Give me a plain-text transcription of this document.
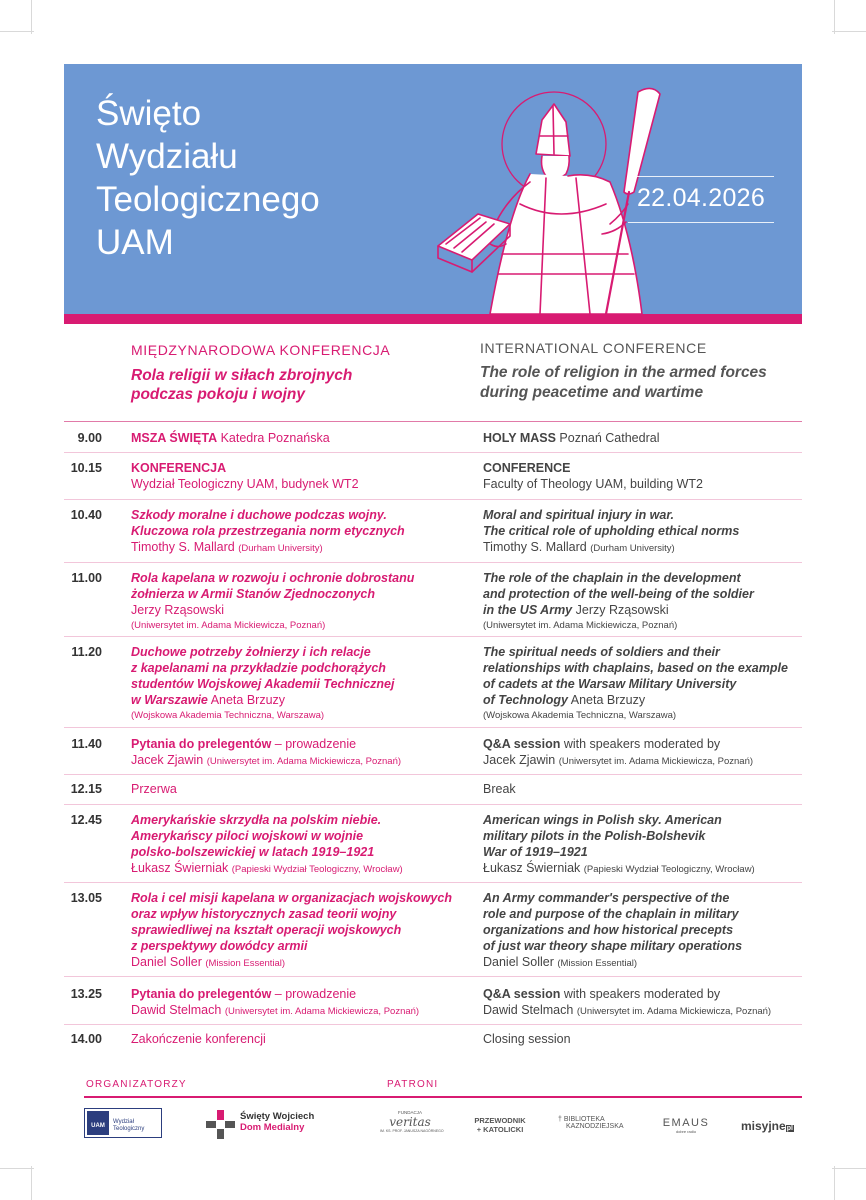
Święto
Wydziału
Teologicznego
UAM
22.04.2026
MIĘDZYNARODOWA KONFERENCJA
Rola religii w siłach zbrojnych
podczas pokoju i wojny
INTERNATIONAL CONFERENCE
The role of religion in the armed forces
during peacetime and wartime
9.00 MSZA ŚWIĘTA Katedra Poznańska	HOLY MASS Poznań Cathedral
10.15 KONFERENCJA
Wydział Teologiczny UAM, budynek WT2
CONFERENCE
Faculty of Theology UAM, building WT2
10.40 Szkody moralne i duchowe podczas wojny.
Kluczowa rola przestrzegania norm etycznych
Timothy S. Mallard (Durham University)
Moral and spiritual injury in war.
The critical role of upholding ethical norms
Timothy S. Mallard (Durham University)
11.00 Rola kapelana w rozwoju i ochronie dobrostanu
żołnierza w Armii Stanów Zjednoczonych
Jerzy Rząsowski
(Uniwersytet im. Adama Mickiewicza, Poznań)
The role of the chaplain in the development
and protection of the well-being of the soldier
in the US Army Jerzy Rząsowski
(Uniwersytet im. Adama Mickiewicza, Poznań)
11.20 Duchowe potrzeby żołnierzy i ich relacje
z kapelanami na przykładzie podchorążych
studentów Wojskowej Akademii Technicznej
w Warszawie Aneta Brzuzy
(Wojskowa Akademia Techniczna, Warszawa)
The spiritual needs of soldiers and their
relationships with chaplains, based on the example
of cadets at the Warsaw Military University
of Technology Aneta Brzuzy
(Wojskowa Akademia Techniczna, Warszawa)
11.40 Pytania do prelegentów – prowadzenie
Jacek Zjawin (Uniwersytet im. Adama Mickiewicza, Poznań)
Q&A session with speakers moderated by
Jacek Zjawin (Uniwersytet im. Adama Mickiewicza, Poznań)
12.15 Przerwa	Break
12.45 Amerykańskie skrzydła na polskim niebie.
Amerykańscy piloci wojskowi w wojnie
polsko-bolszewickiej w latach 1919–1921
Łukasz Świerniak (Papieski Wydział Teologiczny, Wrocław)
American wings in Polish sky. American
military pilots in the Polish-Bolshevik
War of 1919–1921
Łukasz Świerniak (Papieski Wydział Teologiczny, Wrocław)
13.05 Rola i cel misji kapelana w organizacjach wojskowych
oraz wpływ historycznych zasad teorii wojny
sprawiedliwej na kształt operacji wojskowych
z perspektywy dowódcy armii
Daniel Soller (Mission Essential)
An Army commander's perspective of the
role and purpose of the chaplain in military
organizations and how historical precepts
of just war theory shape military operations
Daniel Soller (Mission Essential)
13.25 Pytania do prelegentów – prowadzenie
Dawid Stelmach (Uniwersytet im. Adama Mickiewicza, Poznań)
Q&A session with speakers moderated by
Dawid Stelmach (Uniwersytet im. Adama Mickiewicza, Poznań)
14.00 Zakończenie konferencji	Closing session
ORGANIZATORZY	PATRONI
UAM
Wydział
Teologiczny
Święty Wojciech
Dom Medialny
FUNDACJA
veritas
IM. KS. PROF. JANUSZA NAGÓRNEGO
PRZEWODNIK
+ KATOLICKI
† BIBLIOTEKA
KAZNODZIEJSKA	EMAUS
dobre radio	misyjnepl
